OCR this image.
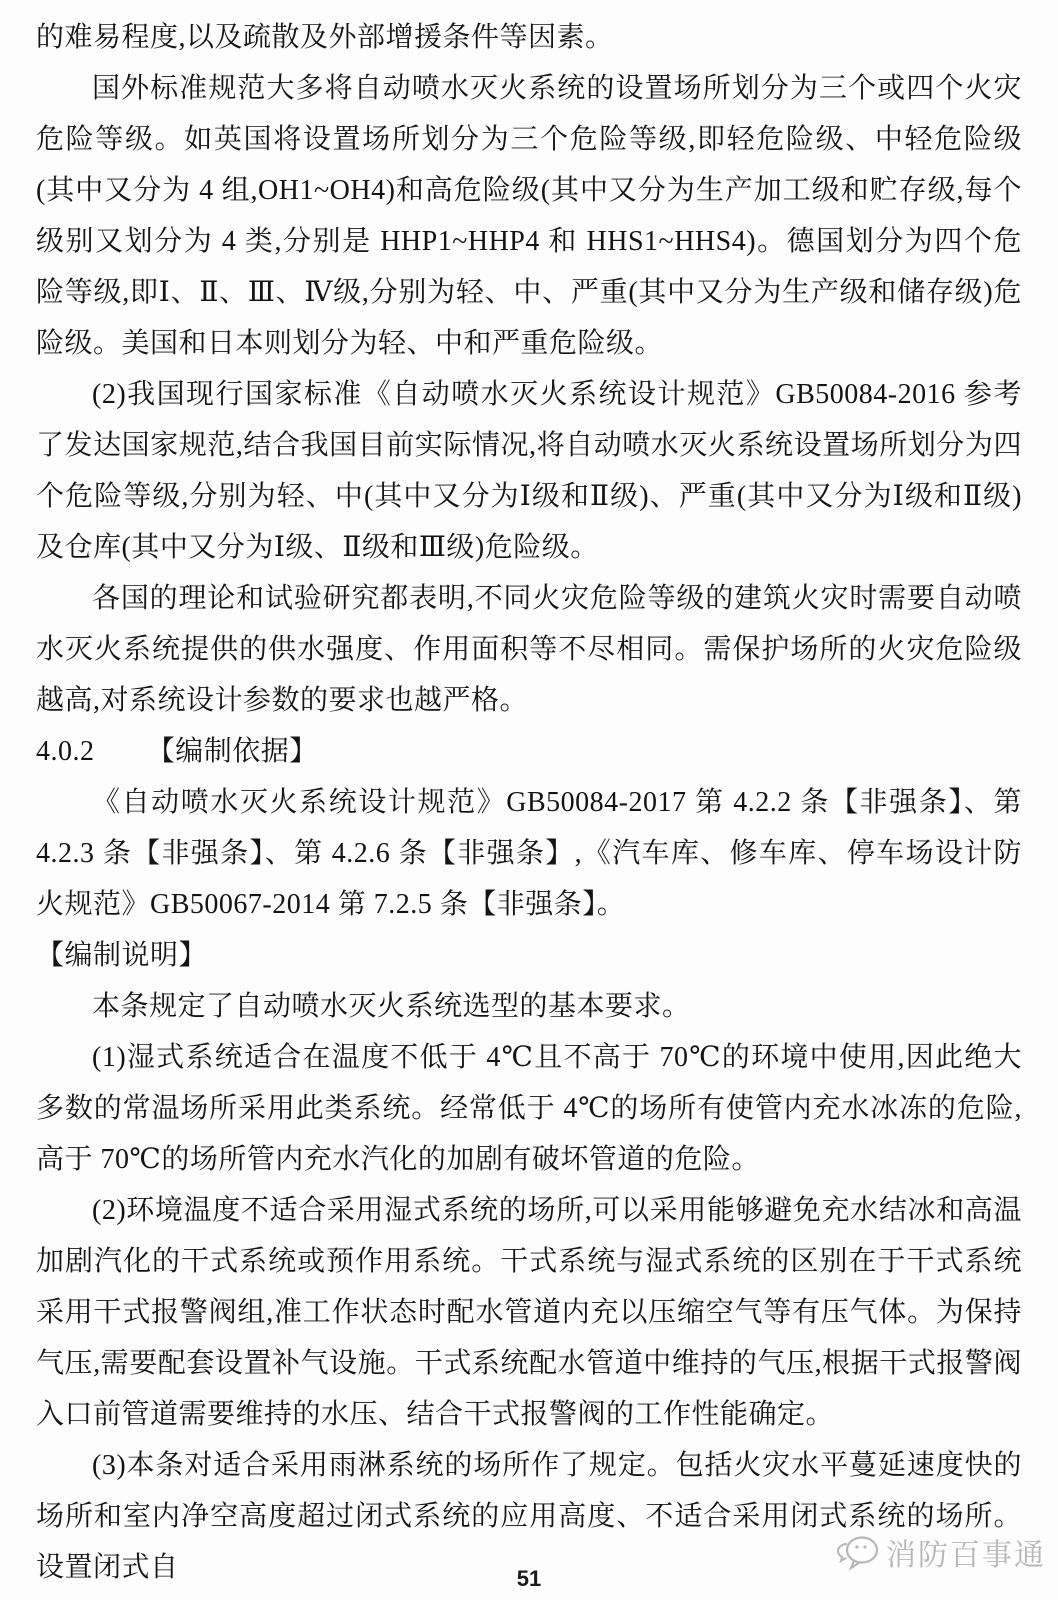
的难易程度,以及疏散及外部增援条件等因素。

国外标准规范大多将自动喷水灭火系统的设置场所划分为三个或四个火灾危险等级。如英国将设置场所划分为三个危险等级,即轻危险级、中轻危险级(其中又分为 4 组,OH1~OH4)和高危险级(其中又分为生产加工级和贮存级,每个级别又划分为 4 类,分别是 HHP1~HHP4 和 HHS1~HHS4)。德国划分为四个危险等级,即Ⅰ、Ⅱ、Ⅲ、Ⅳ级,分别为轻、中、严重(其中又分为生产级和储存级)危险级。美国和日本则划分为轻、中和严重危险级。

(2)我国现行国家标准《自动喷水灭火系统设计规范》GB50084-2016 参考了发达国家规范,结合我国目前实际情况,将自动喷水灭火系统设置场所划分为四个危险等级,分别为轻、中(其中又分为Ⅰ级和Ⅱ级)、严重(其中又分为Ⅰ级和Ⅱ级)及仓库(其中又分为Ⅰ级、Ⅱ级和Ⅲ级)危险级。

各国的理论和试验研究都表明,不同火灾危险等级的建筑火灾时需要自动喷水灭火系统提供的供水强度、作用面积等不尽相同。需保护场所的火灾危险级越高,对系统设计参数的要求也越严格。

4.0.2 【编制依据】

《自动喷水灭火系统设计规范》GB50084-2017 第 4.2.2 条【非强条】、第 4.2.3 条【非强条】、第 4.2.6 条【非强条】,《汽车库、修车库、停车场设计防火规范》GB50067-2014 第 7.2.5 条【非强条】。

【编制说明】

本条规定了自动喷水灭火系统选型的基本要求。

(1)湿式系统适合在温度不低于 4℃且不高于 70℃的环境中使用,因此绝大多数的常温场所采用此类系统。经常低于 4℃的场所有使管内充水冰冻的危险,高于 70℃的场所管内充水汽化的加剧有破坏管道的危险。

(2)环境温度不适合采用湿式系统的场所,可以采用能够避免充水结冰和高温加剧汽化的干式系统或预作用系统。干式系统与湿式系统的区别在于干式系统采用干式报警阀组,准工作状态时配水管道内充以压缩空气等有压气体。为保持气压,需要配套设置补气设施。干式系统配水管道中维持的气压,根据干式报警阀入口前管道需要维持的水压、结合干式报警阀的工作性能确定。

(3)本条对适合采用雨淋系统的场所作了规定。包括火灾水平蔓延速度快的场所和室内净空高度超过闭式系统的应用高度、不适合采用闭式系统的场所。设置闭式自	消防百事通
51
